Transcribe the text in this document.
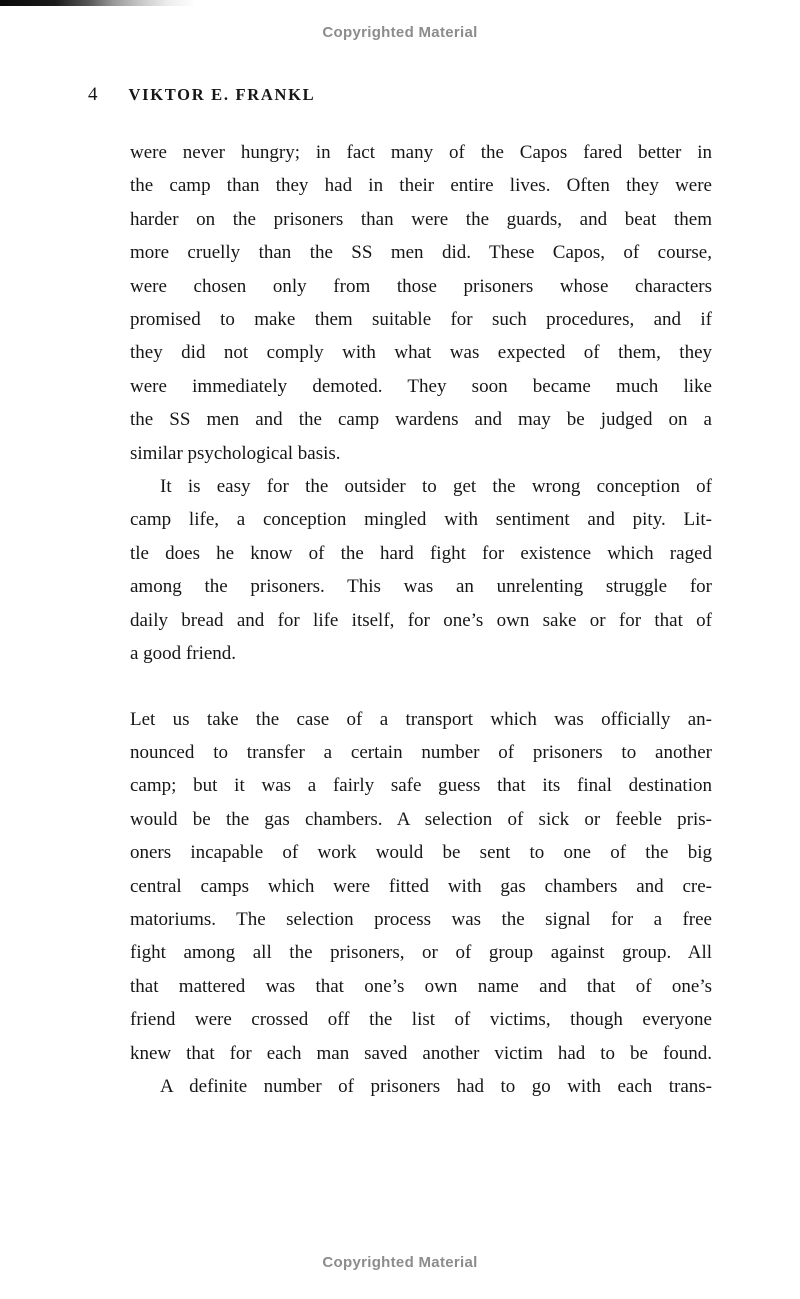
Copyrighted Material
4 VIKTOR E. FRANKL
were never hungry; in fact many of the Capos fared better in
the camp than they had in their entire lives. Often they were
harder on the prisoners than were the guards, and beat them
more cruelly than the SS men did. These Capos, of course,
were chosen only from those prisoners whose characters
promised to make them suitable for such procedures, and if
they did not comply with what was expected of them, they
were immediately demoted. They soon became much like
the SS men and the camp wardens and may be judged on a
similar psychological basis.
It is easy for the outsider to get the wrong conception of
camp life, a conception mingled with sentiment and pity. Lit-
tle does he know of the hard fight for existence which raged
among the prisoners. This was an unrelenting struggle for
daily bread and for life itself, for one’s own sake or for that of
a good friend.
Let us take the case of a transport which was officially an-
nounced to transfer a certain number of prisoners to another
camp; but it was a fairly safe guess that its final destination
would be the gas chambers. A selection of sick or feeble pris-
oners incapable of work would be sent to one of the big
central camps which were fitted with gas chambers and cre-
matoriums. The selection process was the signal for a free
fight among all the prisoners, or of group against group. All
that mattered was that one’s own name and that of one’s
friend were crossed off the list of victims, though everyone
knew that for each man saved another victim had to be found.
A definite number of prisoners had to go with each trans-
Copyrighted Material
